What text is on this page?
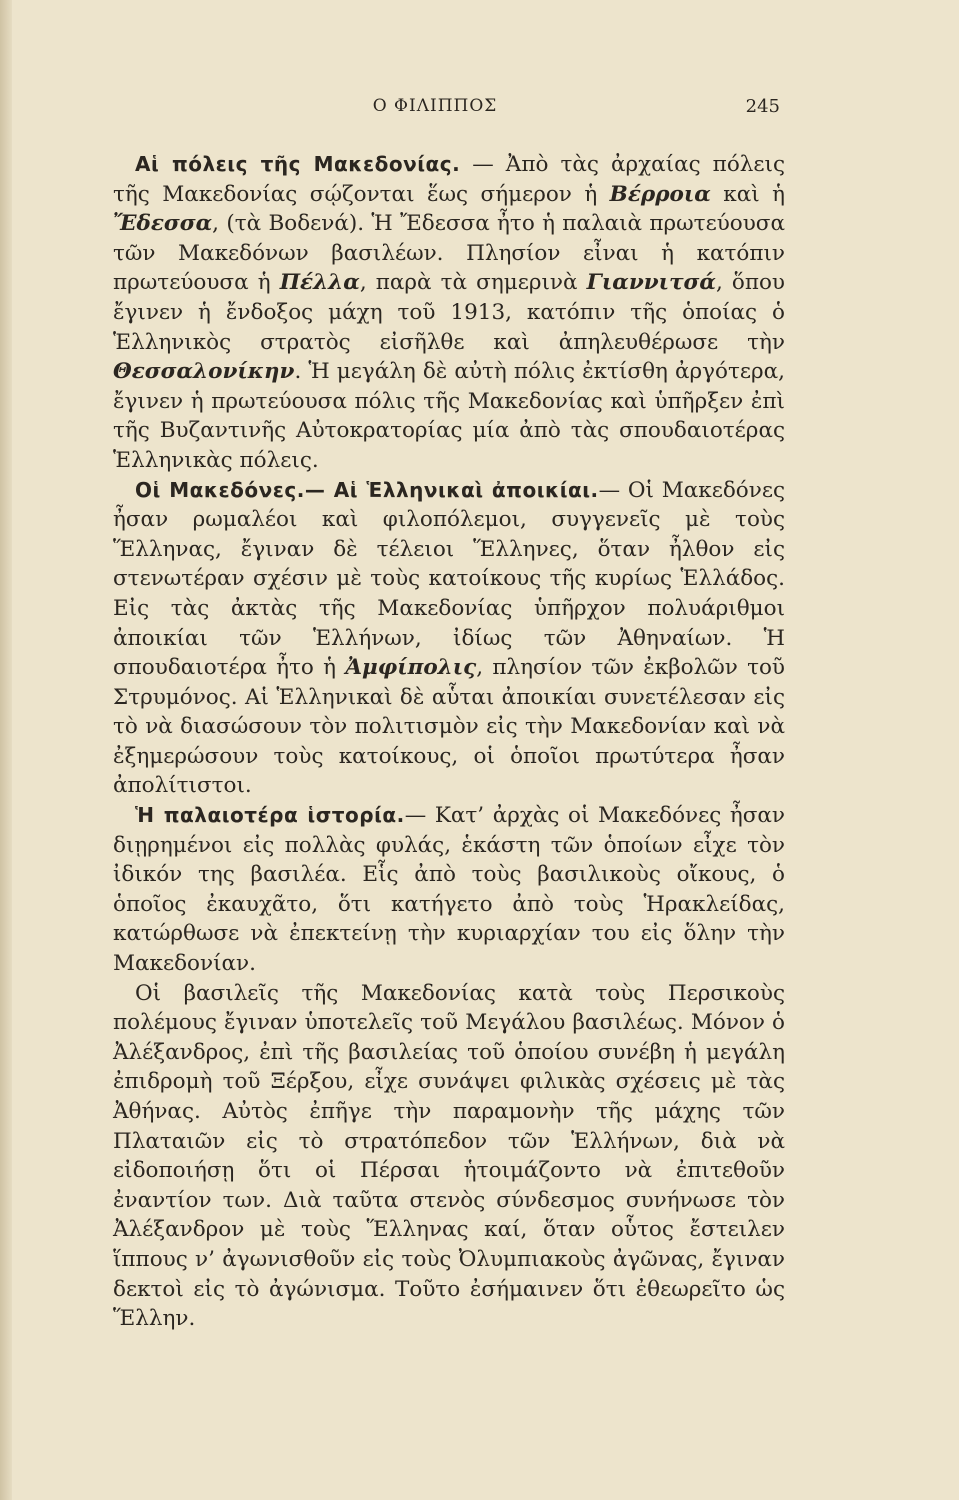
Ο ΦΙΛΙΠΠΟΣ	245

Αἱ πόλεις τῆς Μακεδονίας. — Ἀπὸ τὰς ἀρχαίας πόλεις τῆς Μακεδονίας σῴζονται ἕως σήμερον ἡ Βέρροια καὶ ἡ Ἔδεσσα, (τὰ Βοδενά). Ἡ Ἔδεσσα ἦτο ἡ παλαιὰ πρωτεύουσα τῶν Μακεδόνων βασιλέων. Πλησίον εἶναι ἡ κατόπιν πρωτεύουσα ἡ Πέλλα, παρὰ τὰ σημερινὰ Γιαννιτσά, ὅπου ἔγινεν ἡ ἔνδοξος μάχη τοῦ 1913, κατόπιν τῆς ὁποίας ὁ Ἑλληνικὸς στρατὸς εἰσῆλθε καὶ ἀπηλευθέρωσε τὴν Θεσσαλονίκην. Ἡ μεγάλη δὲ αὐτὴ πόλις ἐκτίσθη ἀργότερα, ἔγινεν ἡ πρωτεύουσα πόλις τῆς Μακεδονίας καὶ ὑπῆρξεν ἐπὶ τῆς Βυζαντινῆς Αὐτοκρατορίας μία ἀπὸ τὰς σπουδαιοτέρας Ἑλληνικὰς πόλεις.

Οἱ Μακεδόνες.— Αἱ Ἑλληνικαὶ ἀποικίαι.— Οἱ Μακεδόνες ἦσαν ρωμαλέοι καὶ φιλοπόλεμοι, συγγενεῖς μὲ τοὺς Ἕλληνας, ἔγιναν δὲ τέλειοι Ἕλληνες, ὅταν ἦλθον εἰς στενωτέραν σχέσιν μὲ τοὺς κατοίκους τῆς κυρίως Ἑλλάδος. Εἰς τὰς ἀκτὰς τῆς Μακεδονίας ὑπῆρχον πολυάριθμοι ἀποικίαι τῶν Ἑλλήνων, ἰδίως τῶν Ἀθηναίων. Ἡ σπουδαιοτέρα ἦτο ἡ Ἀμφίπολις, πλησίον τῶν ἐκβολῶν τοῦ Στρυμόνος. Αἱ Ἑλληνικαὶ δὲ αὗται ἀποικίαι συνετέλεσαν εἰς τὸ νὰ διασώσουν τὸν πολιτισμὸν εἰς τὴν Μακεδονίαν καὶ νὰ ἐξημερώσουν τοὺς κατοίκους, οἱ ὁποῖοι πρωτύτερα ἦσαν ἀπολίτιστοι.

Ἡ παλαιοτέρα ἱστορία.— Κατ’ ἀρχὰς οἱ Μακεδόνες ἦσαν διῃρημένοι εἰς πολλὰς φυλάς, ἑκάστη τῶν ὁποίων εἶχε τὸν ἰδικόν της βασιλέα. Εἷς ἀπὸ τοὺς βασιλικοὺς οἴκους, ὁ ὁποῖος ἐκαυχᾶτο, ὅτι κατήγετο ἀπὸ τοὺς Ἡρακλείδας, κατώρθωσε νὰ ἐπεκτείνῃ τὴν κυριαρχίαν του εἰς ὅλην τὴν Μακεδονίαν.

Οἱ βασιλεῖς τῆς Μακεδονίας κατὰ τοὺς Περσικοὺς πολέμους ἔγιναν ὑποτελεῖς τοῦ Μεγάλου βασιλέως. Μόνον ὁ Ἀλέξανδρος, ἐπὶ τῆς βασιλείας τοῦ ὁποίου συνέβη ἡ μεγάλη ἐπιδρομὴ τοῦ Ξέρξου, εἶχε συνάψει φιλικὰς σχέσεις μὲ τὰς Ἀθήνας. Αὐτὸς ἐπῆγε τὴν παραμονὴν τῆς μάχης τῶν Πλαταιῶν εἰς τὸ στρατόπεδον τῶν Ἑλλήνων, διὰ νὰ εἰδοποιήσῃ ὅτι οἱ Πέρσαι ἡτοιμάζοντο νὰ ἐπιτεθοῦν ἐναντίον των. Διὰ ταῦτα στενὸς σύνδεσμος συνήνωσε τὸν Ἀλέξανδρον μὲ τοὺς Ἕλληνας καί, ὅταν οὗτος ἔστειλεν ἵππους ν’ ἀγωνισθοῦν εἰς τοὺς Ὀλυμπιακοὺς ἀγῶνας, ἔγιναν δεκτοὶ εἰς τὸ ἀγώνισμα. Τοῦτο ἐσήμαινεν ὅτι ἐθεωρεῖτο ὡς Ἕλλην.
